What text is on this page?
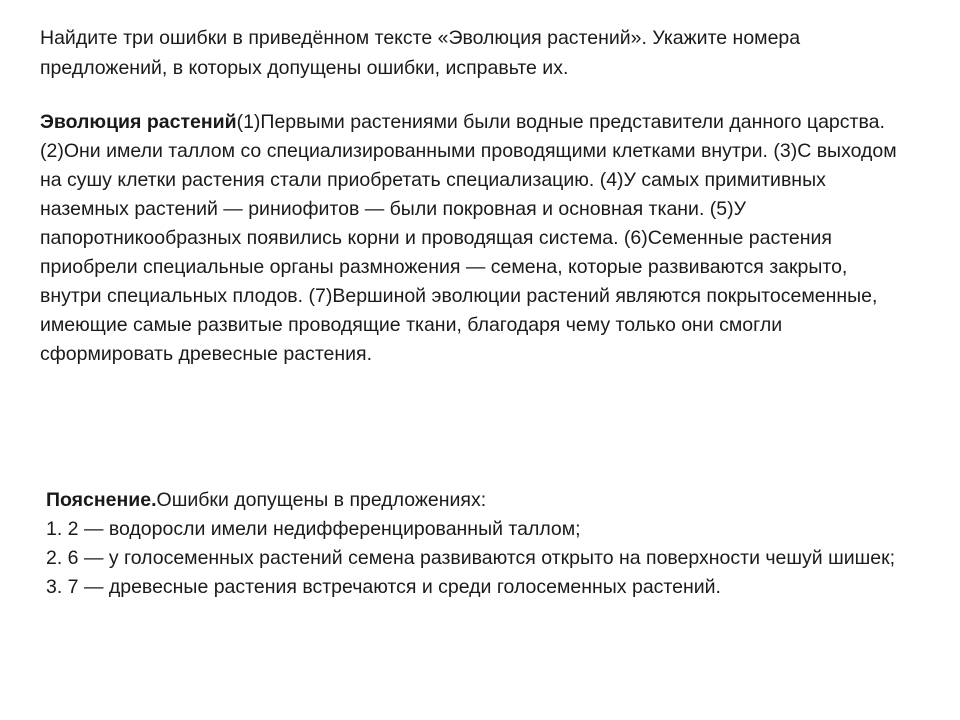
Найдите три ошибки в приведённом тексте «Эволюция растений». Укажите номера предложений, в которых допущены ошибки, исправьте их.

Эволюция растений(1)Первыми растениями были водные представители данного царства. (2)Они имели таллом со специализированными проводящими клетками внутри. (3)С выходом на сушу клетки растения стали приобретать специализацию. (4)У самых примитивных наземных растений — риниофитов — были покровная и основная ткани. (5)У папоротникообразных появились корни и проводящая система. (6)Семенные растения приобрели специальные органы размножения — семена, которые развиваются закрыто, внутри специальных плодов. (7)Вершиной эволюции растений являются покрытосеменные, имеющие самые развитые проводящие ткани, благодаря чему только они смогли сформировать древесные растения.

Пояснение.Ошибки допущены в предложениях:
1. 2 — водоросли имели недифференцированный таллом;
2. 6 — у голосеменных растений семена развиваются открыто на поверхности чешуй шишек;
3. 7 — древесные растения встречаются и среди голосеменных растений.
